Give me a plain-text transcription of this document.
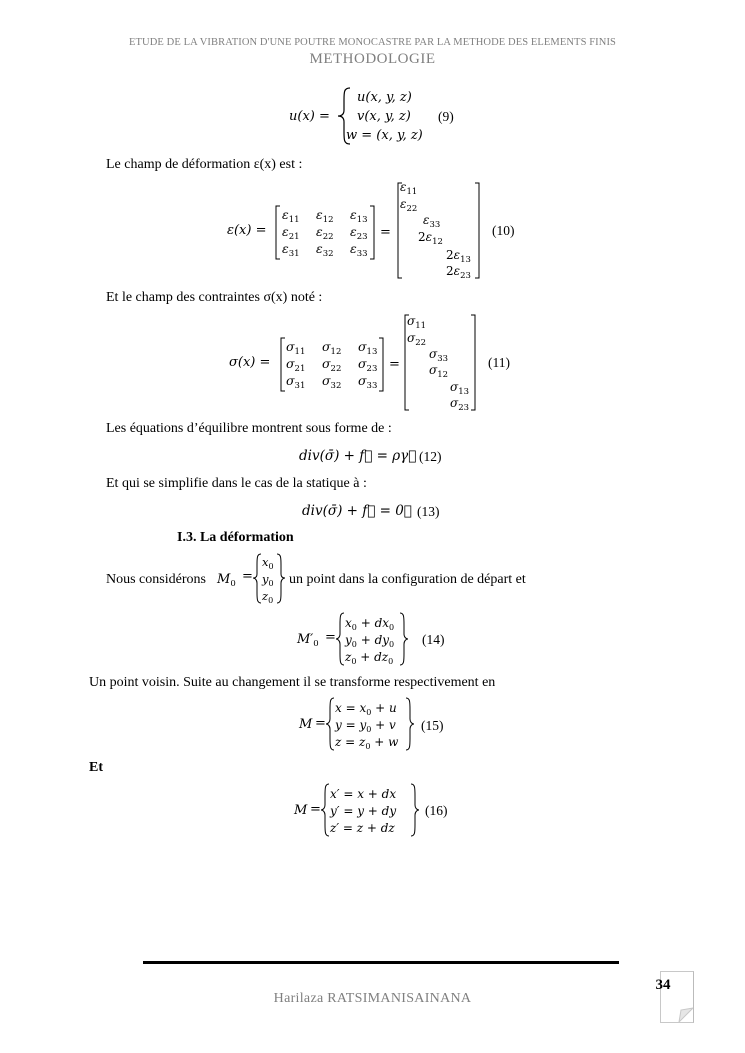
ETUDE DE LA VIBRATION D'UNE POUTRE MONOCASTRE PAR LA METHODE DES ELEMENTS FINIS
METHODOLOGIE
u(x) =
u(x, y, z)
v(x, y, z)
w = (x, y, z)
(9)
Le champ de déformation ε(x) est :
ε(x) =
$\varepsilon_{11}$ $\varepsilon_{12}$ $\varepsilon_{13}$
$\varepsilon_{21}$ $\varepsilon_{22}$ $\varepsilon_{23}$
$\varepsilon_{31}$ $\varepsilon_{32}$ $\varepsilon_{33}$
=
$\varepsilon_{11}$
$\varepsilon_{22}$
$\varepsilon_{33}$
$2\varepsilon_{12}$
$2\varepsilon_{13}$
$2\varepsilon_{23}$
(10)
Et le champ des contraintes σ(x) noté :
σ(x) =
$\sigma_{11}$ $\sigma_{12}$ $\sigma_{13}$
$\sigma_{21}$ $\sigma_{22}$ $\sigma_{23}$
$\sigma_{31}$ $\sigma_{32}$ $\sigma_{33}$
=
$\sigma_{11}$
$\sigma_{22}$
$\sigma_{33}$
$\sigma_{12}$
$\sigma_{13}$
$\sigma_{23}$
(11)
Les équations d’équilibre montrent sous forme de :
div(σ̄) + f⃗ = ργ⃗ (12)
Et qui se simplifie dans le cas de la statique à :
div(σ̄) + f⃗ = 0⃗ (13)
I.3. La déformation
Nous considérons $M_0$ =
$x_0$
$y_0$
$z_0$
un point dans la configuration de départ et
$M'_0$ =
$x_0 + dx_0$
$y_0 + dy_0$
$z_0 + dz_0$
(14)
Un point voisin. Suite au changement il se transforme respectivement en
M =
$x = x_0 + u$
$y = y_0 + v$
$z = z_0 + w$
(15)
Et
M =
x′ = x + dx
y′ = y + dy
z′ = z + dz
(16)
Harilaza RATSIMANISAINANA
34
